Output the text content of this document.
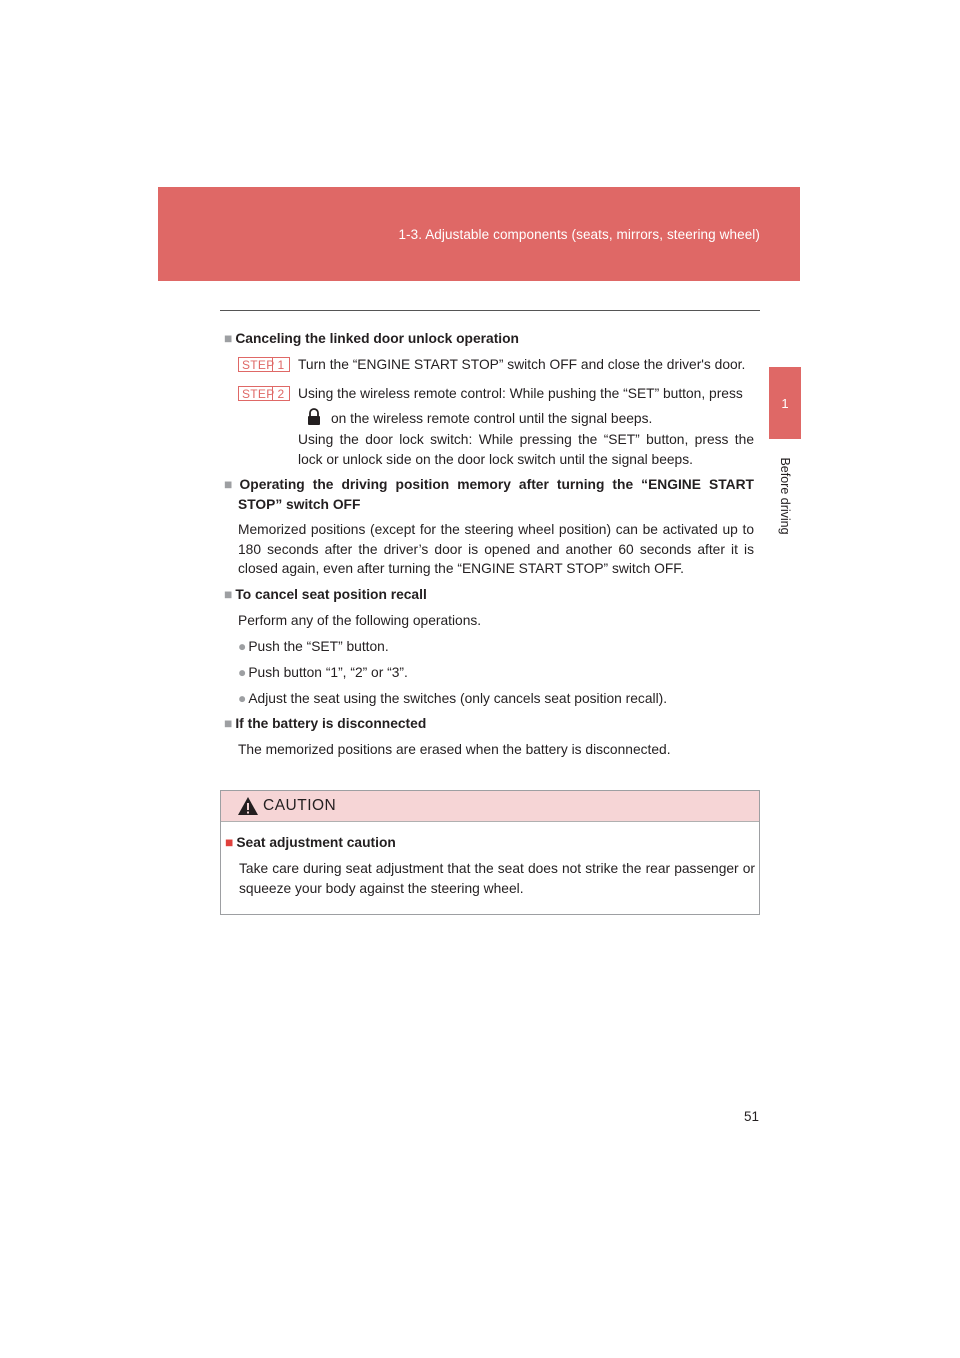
1-3. Adjustable components (seats, mirrors, steering wheel)
1
Before driving
■ Canceling the linked door unlock operation
STEP 1 Turn the “ENGINE START STOP” switch OFF and close the driver's door.
STEP 2 Using the wireless remote control: While pushing the “SET” button, press
on the wireless remote control until the signal beeps.
Using the door lock switch: While pressing the “SET” button, press the lock or unlock side on the door lock switch until the signal beeps.
■ Operating the driving position memory after turning the “ENGINE START STOP” switch OFF
Memorized positions (except for the steering wheel position) can be activated up to 180 seconds after the driver’s door is opened and another 60 seconds after it is closed again, even after turning the “ENGINE START STOP” switch OFF.
■ To cancel seat position recall
Perform any of the following operations.
● Push the “SET” button.
● Push button “1”, “2” or “3”.
● Adjust the seat using the switches (only cancels seat position recall).
■ If the battery is disconnected
The memorized positions are erased when the battery is disconnected.
CAUTION
■ Seat adjustment caution
Take care during seat adjustment that the seat does not strike the rear passenger or squeeze your body against the steering wheel.
51
